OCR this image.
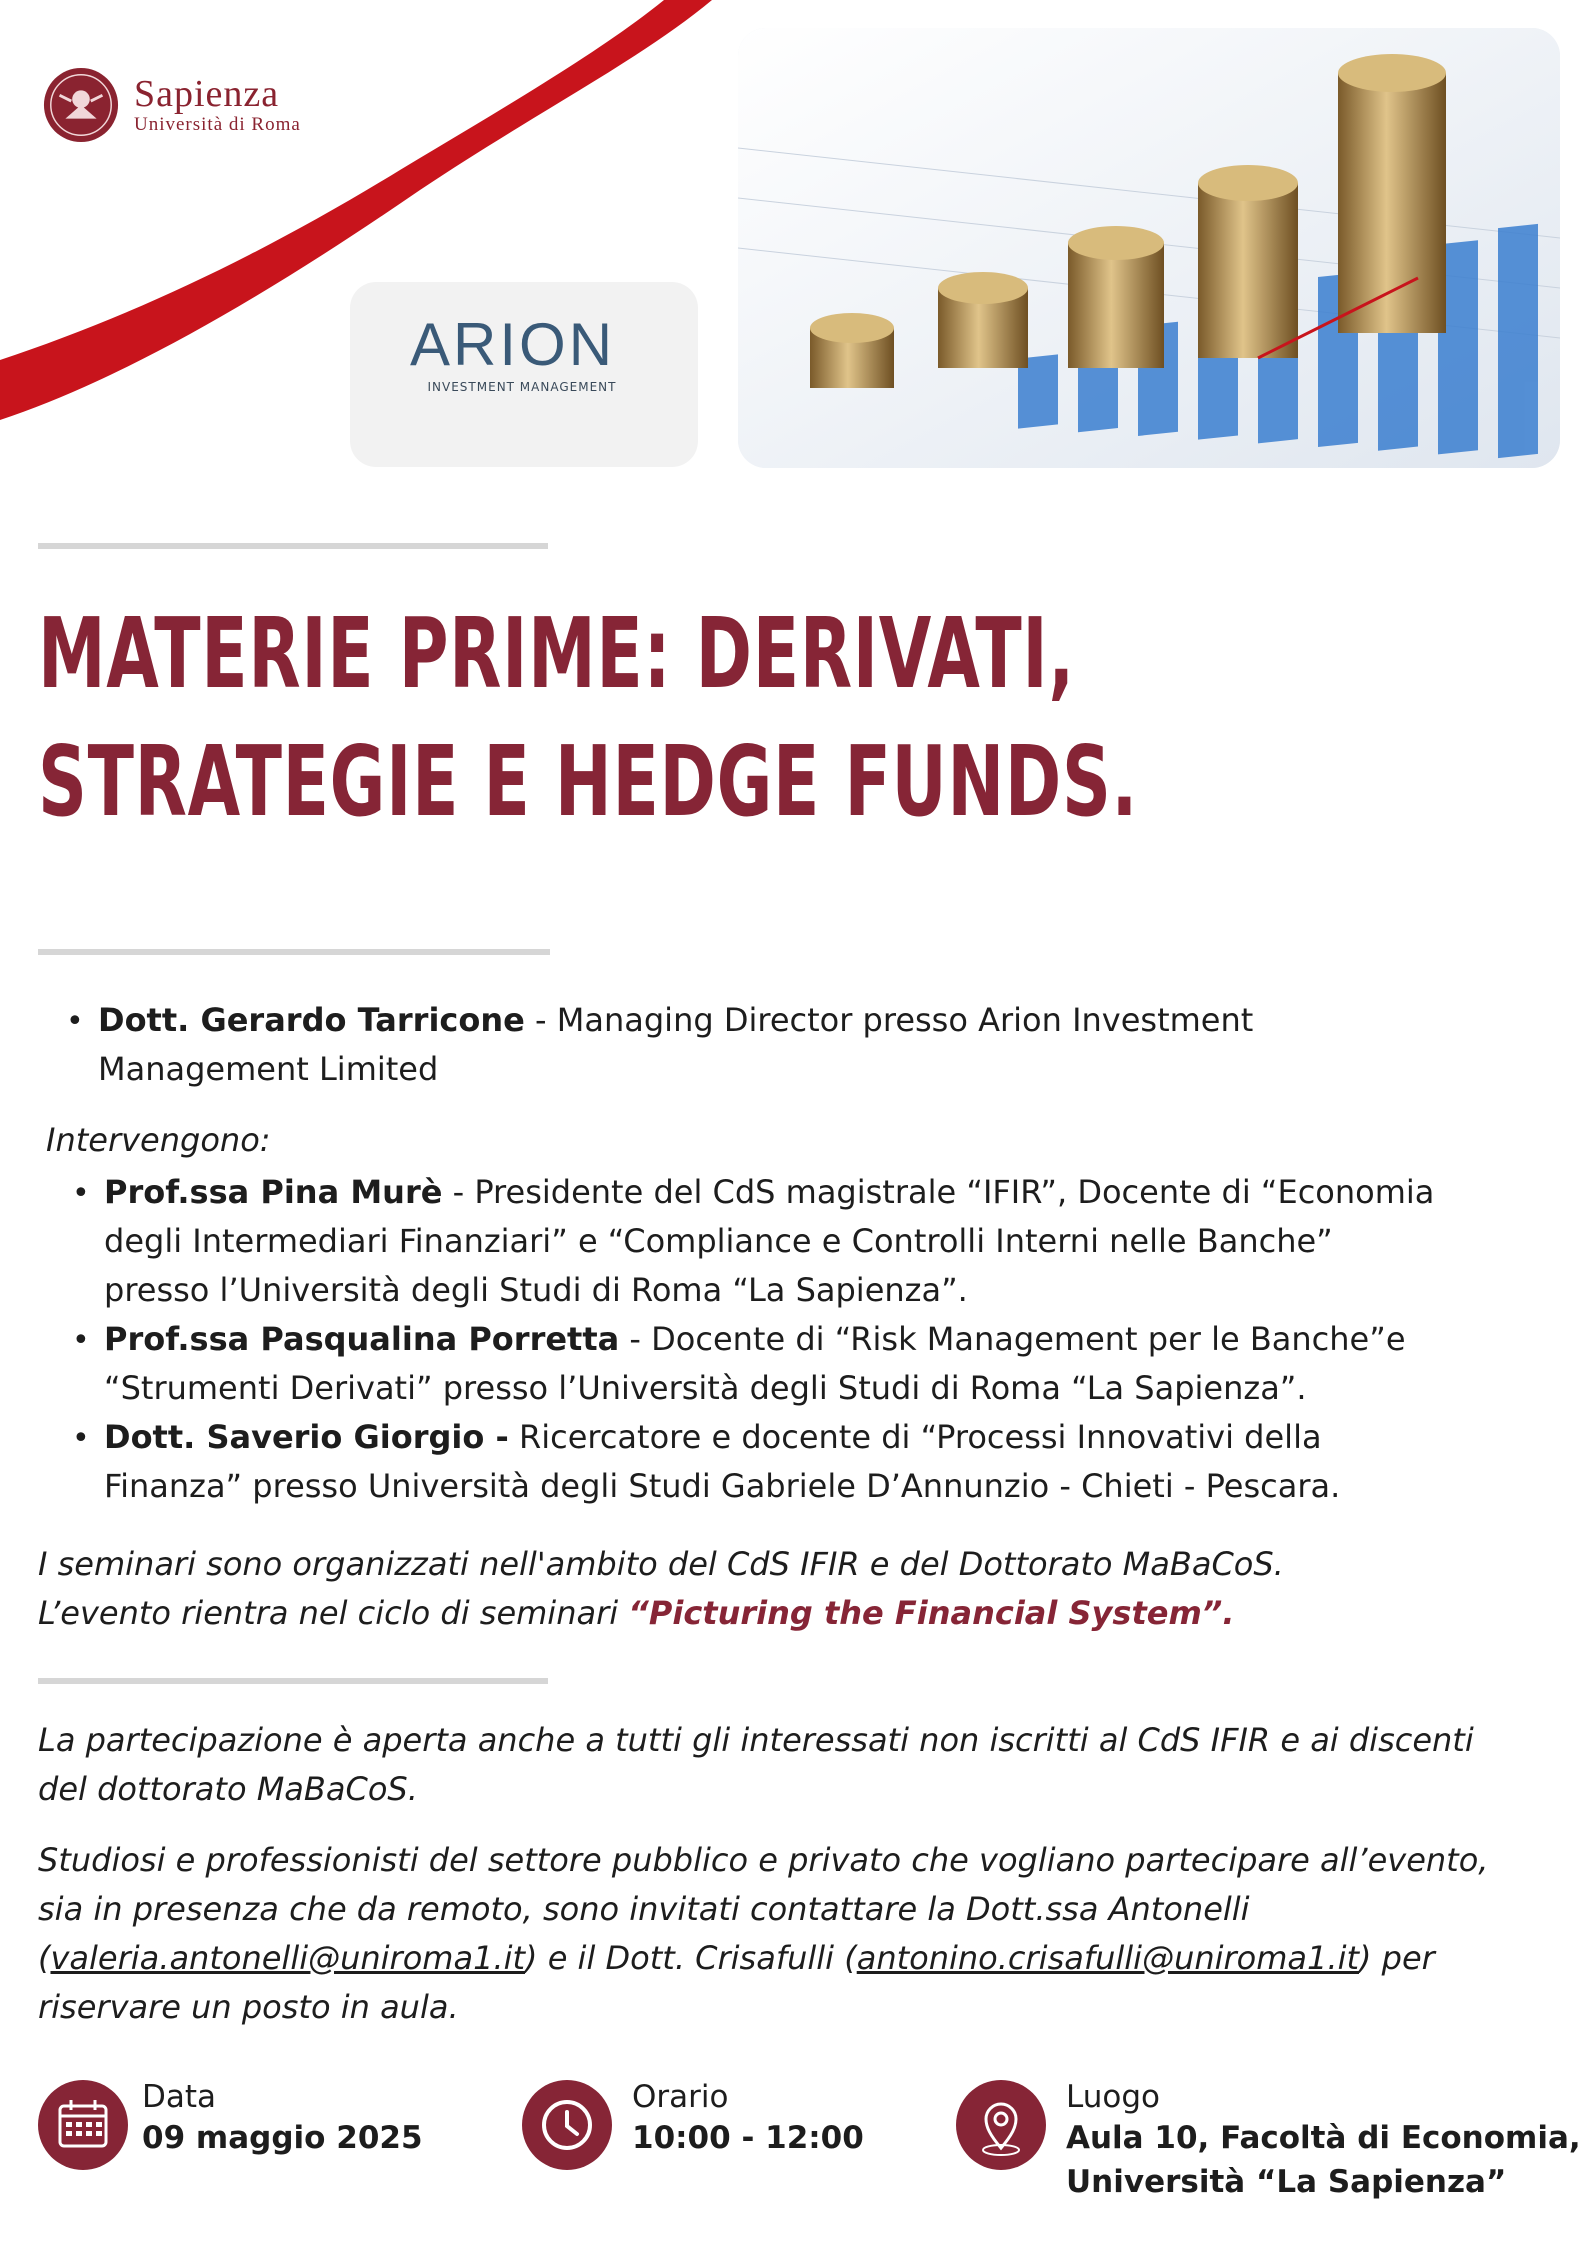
Sapienza
Università di Roma
ARION
INVESTMENT MANAGEMENT
MATERIE PRIME: DERIVATI,
STRATEGIE E HEDGE FUNDS.
• Dott. Gerardo Tarricone - Managing Director presso Arion Investment
Management Limited
Intervengono:
• Prof.ssa Pina Murè - Presidente del CdS magistrale “IFIR”, Docente di “Economia
degli Intermediari Finanziari” e “Compliance e Controlli Interni nelle Banche”
presso l’Università degli Studi di Roma “La Sapienza”.
• Prof.ssa Pasqualina Porretta - Docente di “Risk Management per le Banche”e
“Strumenti Derivati” presso l’Università degli Studi di Roma “La Sapienza”.
• Dott. Saverio Giorgio - Ricercatore e docente di “Processi Innovativi della
Finanza” presso Università degli Studi Gabriele D’Annunzio - Chieti - Pescara.
I seminari sono organizzati nell'ambito del CdS IFIR e del Dottorato MaBaCoS.
L’evento rientra nel ciclo di seminari “Picturing the Financial System”.
La partecipazione è aperta anche a tutti gli interessati non iscritti al CdS IFIR e ai discenti
del dottorato MaBaCoS.
Studiosi e professionisti del settore pubblico e privato che vogliano partecipare all’evento,
sia in presenza che da remoto, sono invitati contattare la Dott.ssa Antonelli
(valeria.antonelli@uniroma1.it) e il Dott. Crisafulli (antonino.crisafulli@uniroma1.it) per
riservare un posto in aula.
Data
09 maggio 2025
Orario
10:00 - 12:00
Luogo
Aula 10, Facoltà di Economia,
Università “La Sapienza”
